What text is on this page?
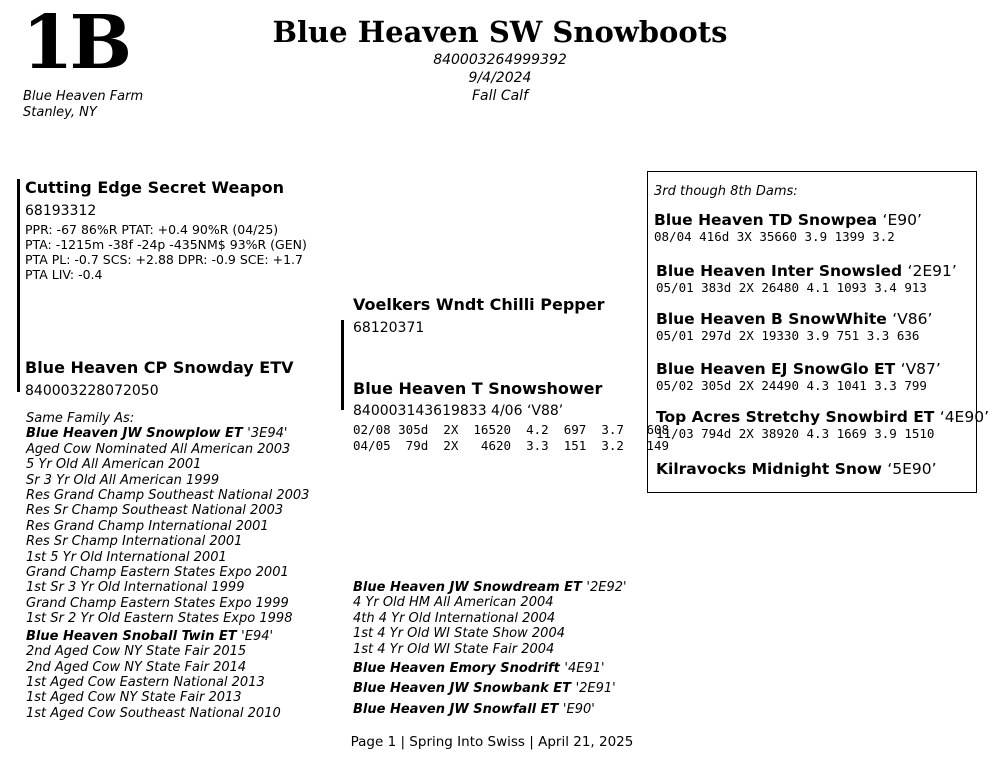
1B
Blue Heaven Farm
Stanley, NY
Blue Heaven SW Snowboots
840003264999392
9/4/2024
Fall Calf
Cutting Edge Secret Weapon
68193312
PPR: -67 86%R PTAT: +0.4 90%R (04/25)
PTA: -1215m -38f -24p -435NM$ 93%R (GEN)
PTA PL: -0.7 SCS: +2.88 DPR: -0.9 SCE: +1.7
PTA LIV: -0.4
Blue Heaven CP Snowday ETV
840003228072050
Same Family As:
Blue Heaven JW Snowplow ET '3E94'
Aged Cow Nominated All American 2003
5 Yr Old All American 2001
Sr 3 Yr Old All American 1999
Res Grand Champ Southeast National 2003
Res Sr Champ Southeast National 2003
Res Grand Champ International 2001
Res Sr Champ International 2001
1st 5 Yr Old International 2001
Grand Champ Eastern States Expo 2001
1st Sr 3 Yr Old International 1999
Grand Champ Eastern States Expo 1999
1st Sr 2 Yr Old Eastern States Expo 1998
Blue Heaven Snoball Twin ET 'E94'
2nd Aged Cow NY State Fair 2015
2nd Aged Cow NY State Fair 2014
1st Aged Cow Eastern National 2013
1st Aged Cow NY State Fair 2013
1st Aged Cow Southeast National 2010
Voelkers Wndt Chilli Pepper
68120371
Blue Heaven T Snowshower
840003143619833 4/06 ‘V88’
02/08 305d  2X  16520  4.2  697  3.7   608
04/05  79d  2X   4620  3.3  151  3.2   149
Blue Heaven JW Snowdream ET '2E92'
4 Yr Old HM All American 2004
4th 4 Yr Old International 2004
1st 4 Yr Old WI State Show 2004
1st 4 Yr Old WI State Fair 2004
Blue Heaven Emory Snodrift '4E91'
Blue Heaven JW Snowbank ET '2E91'
Blue Heaven JW Snowfall ET 'E90'
3rd though 8th Dams:
Blue Heaven TD Snowpea ‘E90’
08/04 416d 3X 35660 3.9 1399 3.2
Blue Heaven Inter Snowsled ‘2E91’
05/01 383d 2X 26480 4.1 1093 3.4 913
Blue Heaven B SnowWhite ‘V86’
05/01 297d 2X 19330 3.9 751 3.3 636
Blue Heaven EJ SnowGlo ET ‘V87’
05/02 305d 2X 24490 4.3 1041 3.3 799
Top Acres Stretchy Snowbird ET ‘4E90’
11/03 794d 2X 38920 4.3 1669 3.9 1510
Kilravocks Midnight Snow ‘5E90’
Page 1 | Spring Into Swiss | April 21, 2025
